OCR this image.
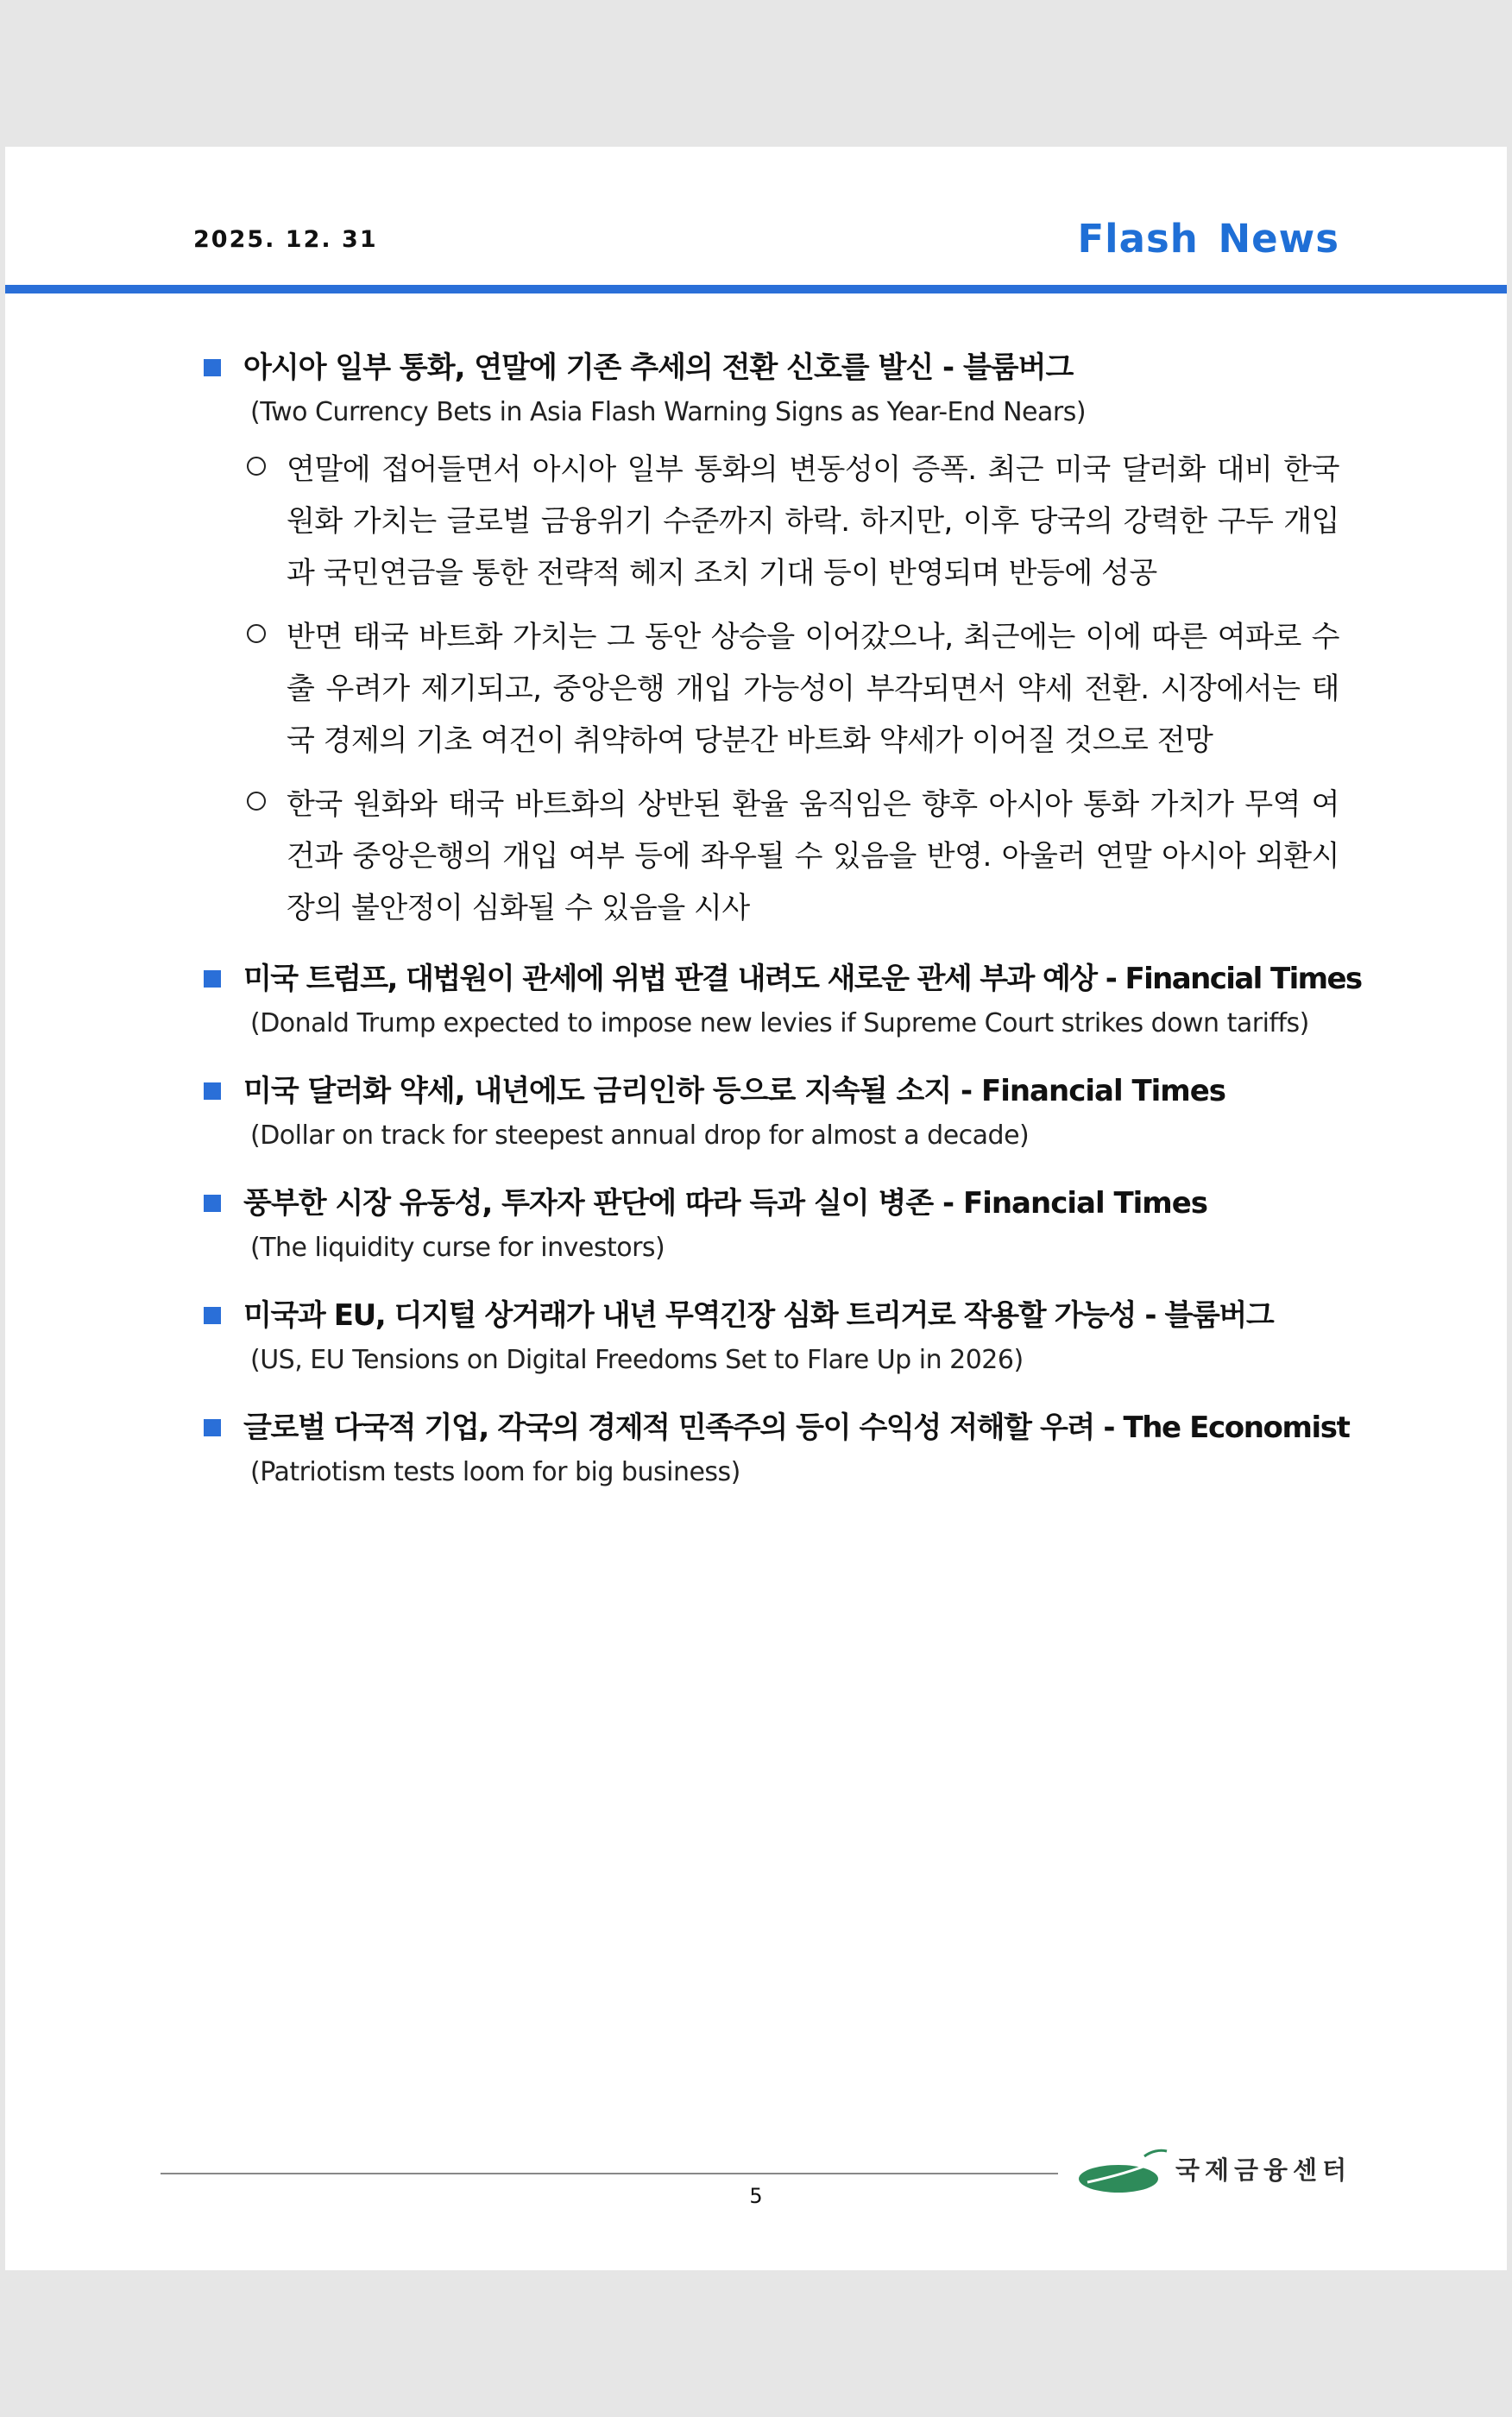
2025. 12. 31	Flash News
아시아 일부 통화, 연말에 기존 추세의 전환 신호를 발신 - 블룸버그
(Two Currency Bets in Asia Flash Warning Signs as Year-End Nears)
연말에 접어들면서 아시아 일부 통화의 변동성이 증폭. 최근 미국 달러화 대비 한국 원화 가치는 글로벌 금융위기 수준까지 하락. 하지만, 이후 당국의 강력한 구두 개입과 국민연금을 통한 전략적 헤지 조치 기대 등이 반영되며 반등에 성공
반면 태국 바트화 가치는 그 동안 상승을 이어갔으나, 최근에는 이에 따른 여파로 수출 우려가 제기되고, 중앙은행 개입 가능성이 부각되면서 약세 전환. 시장에서는 태국 경제의 기초 여건이 취약하여 당분간 바트화 약세가 이어질 것으로 전망
한국 원화와 태국 바트화의 상반된 환율 움직임은 향후 아시아 통화 가치가 무역 여건과 중앙은행의 개입 여부 등에 좌우될 수 있음을 반영. 아울러 연말 아시아 외환시장의 불안정이 심화될 수 있음을 시사
미국 트럼프, 대법원이 관세에 위법 판결 내려도 새로운 관세 부과 예상 - Financial Times
(Donald Trump expected to impose new levies if Supreme Court strikes down tariffs)
미국 달러화 약세, 내년에도 금리인하 등으로 지속될 소지 - Financial Times
(Dollar on track for steepest annual drop for almost a decade)
풍부한 시장 유동성, 투자자 판단에 따라 득과 실이 병존 - Financial Times
(The liquidity curse for investors)
미국과 EU, 디지털 상거래가 내년 무역긴장 심화 트리거로 작용할 가능성 - 블룸버그
(US, EU Tensions on Digital Freedoms Set to Flare Up in 2026)
글로벌 다국적 기업, 각국의 경제적 민족주의 등이 수익성 저해할 우려 - The Economist
(Patriotism tests loom for big business)
국제금융센터
5
